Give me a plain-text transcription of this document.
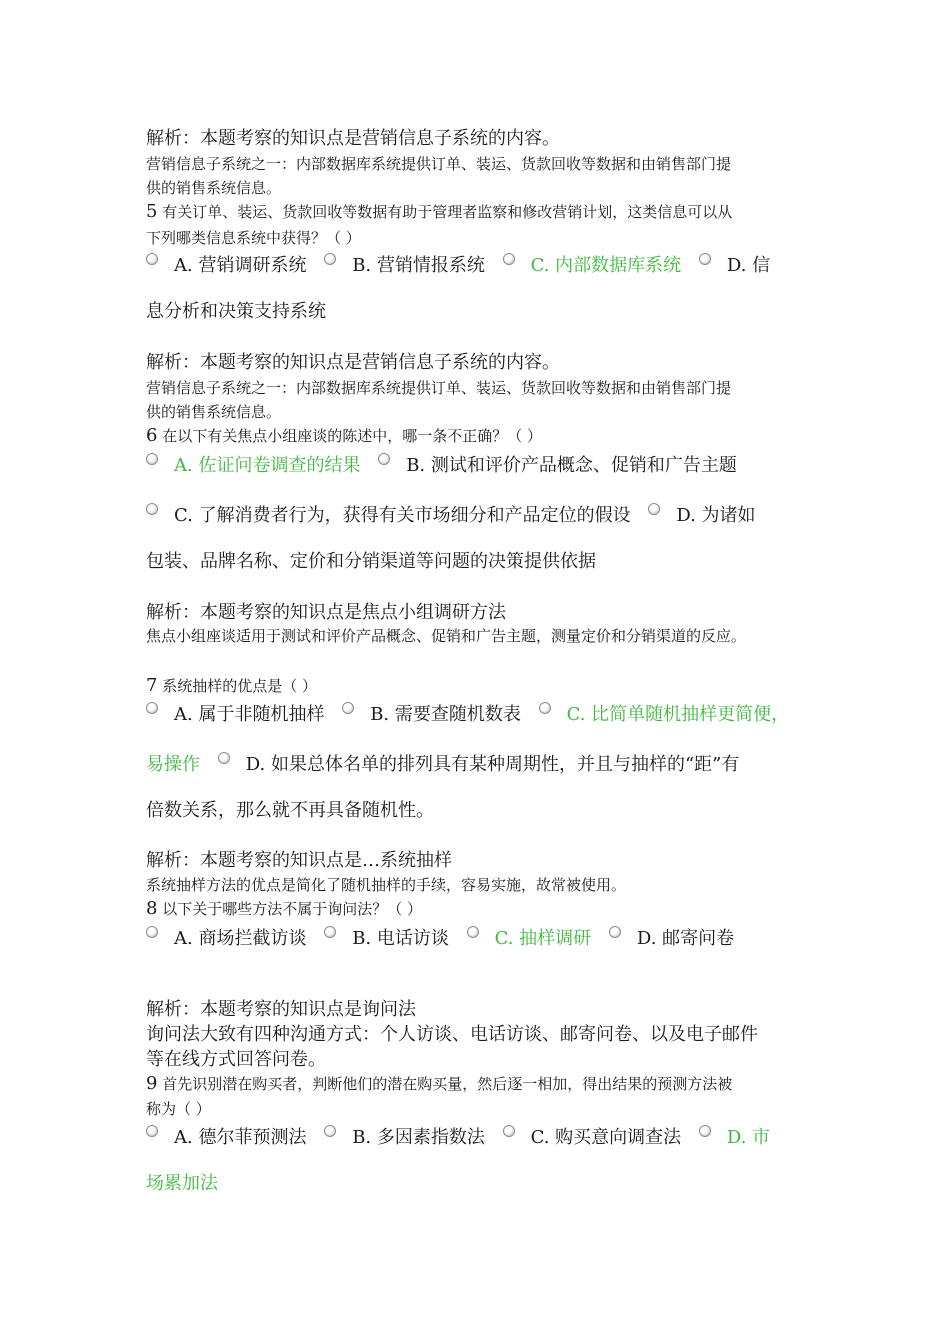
解析：本题考察的知识点是营销信息子系统的内容。
营销信息子系统之一：内部数据库系统提供订单、装运、货款回收等数据和由销售部门提
供的销售系统信息。
5 有关订单、装运、货款回收等数据有助于管理者监察和修改营销计划，这类信息可以从
下列哪类信息系统中获得？（ ）
A. 营销调研系统	B. 营销情报系统	C. 内部数据库系统	D. 信
息分析和决策支持系统
解析：本题考察的知识点是营销信息子系统的内容。
营销信息子系统之一：内部数据库系统提供订单、装运、货款回收等数据和由销售部门提
供的销售系统信息。
6 在以下有关焦点小组座谈的陈述中，哪一条不正确？（ ）
A. 佐证问卷调查的结果	B. 测试和评价产品概念、促销和广告主题
C. 了解消费者行为，获得有关市场细分和产品定位的假设	D. 为诸如
包装、品牌名称、定价和分销渠道等问题的决策提供依据
解析：本题考察的知识点是焦点小组调研方法
焦点小组座谈适用于测试和评价产品概念、促销和广告主题，测量定价和分销渠道的反应。
7 系统抽样的优点是（ ）
A. 属于非随机抽样	B. 需要查随机数表	C. 比简单随机抽样更简便，
易操作	D. 如果总体名单的排列具有某种周期性，并且与抽样的“距”有
倍数关系，那么就不再具备随机性。
解析：本题考察的知识点是…系统抽样
系统抽样方法的优点是简化了随机抽样的手续，容易实施，故常被使用。
8 以下关于哪些方法不属于询问法？（ ）
A. 商场拦截访谈	B. 电话访谈	C. 抽样调研	D. 邮寄问卷
解析：本题考察的知识点是询问法
询问法大致有四种沟通方式：个人访谈、电话访谈、邮寄问卷、以及电子邮件
等在线方式回答问卷。
9 首先识别潜在购买者，判断他们的潜在购买量，然后逐一相加，得出结果的预测方法被
称为（ ）
A. 德尔菲预测法	B. 多因素指数法	C. 购买意向调查法	D. 市
场累加法
